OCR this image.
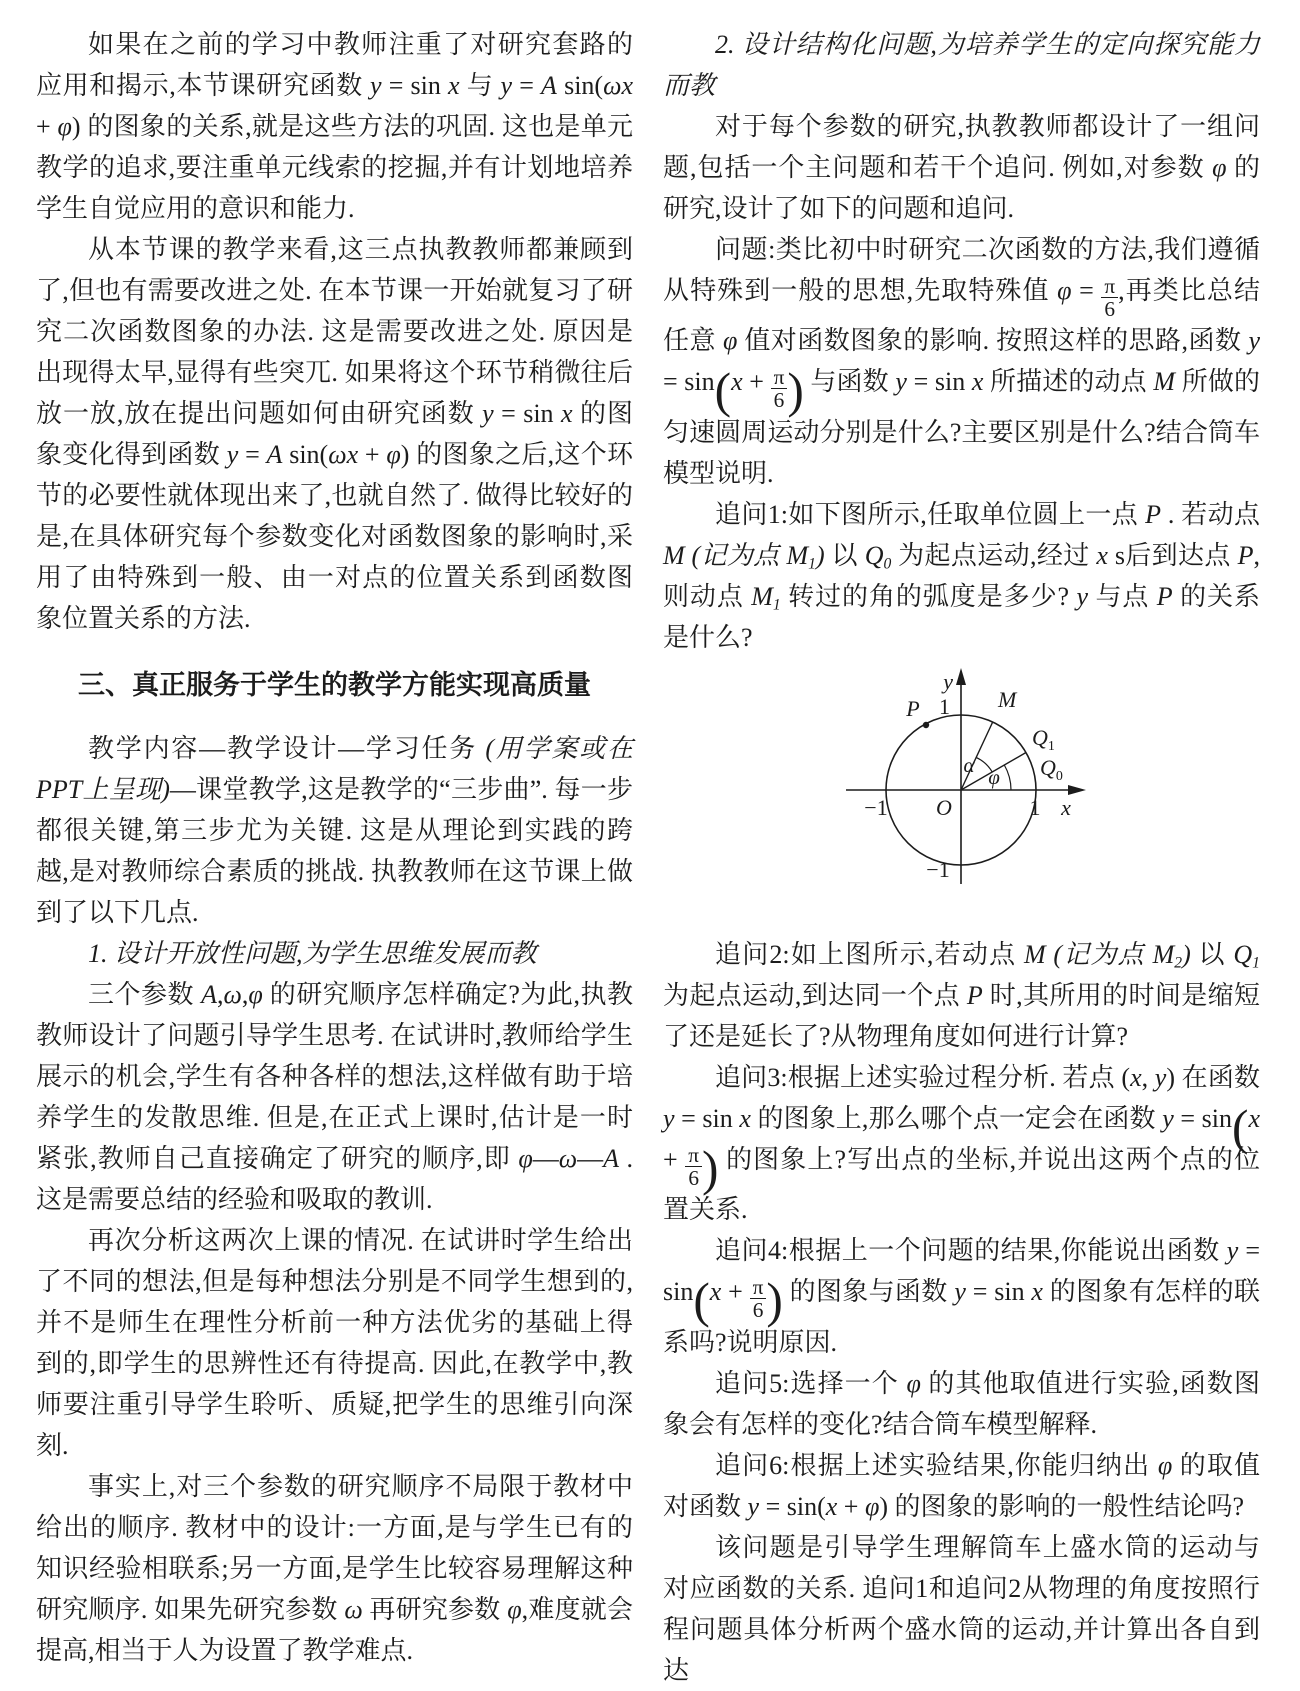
如果在之前的学习中教师注重了对研究套路的应用和揭示,本节课研究函数 y = sin x 与 y = A sin(ωx + φ) 的图象的关系,就是这些方法的巩固. 这也是单元教学的追求,要注重单元线索的挖掘,并有计划地培养学生自觉应用的意识和能力.

从本节课的教学来看,这三点执教教师都兼顾到了,但也有需要改进之处. 在本节课一开始就复习了研究二次函数图象的办法. 这是需要改进之处. 原因是出现得太早,显得有些突兀. 如果将这个环节稍微往后放一放,放在提出问题如何由研究函数 y = sin x 的图象变化得到函数 y = A sin(ωx + φ) 的图象之后,这个环节的必要性就体现出来了,也就自然了. 做得比较好的是,在具体研究每个参数变化对函数图象的影响时,采用了由特殊到一般、由一对点的位置关系到函数图象位置关系的方法.

三、真正服务于学生的教学方能实现高质量

教学内容—教学设计—学习任务 (用学案或在PPT上呈现)—课堂教学,这是教学的“三步曲”. 每一步都很关键,第三步尤为关键. 这是从理论到实践的跨越,是对教师综合素质的挑战. 执教教师在这节课上做到了以下几点.

1. 设计开放性问题,为学生思维发展而教

三个参数 A,ω,φ 的研究顺序怎样确定?为此,执教教师设计了问题引导学生思考. 在试讲时,教师给学生展示的机会,学生有各种各样的想法,这样做有助于培养学生的发散思维. 但是,在正式上课时,估计是一时紧张,教师自己直接确定了研究的顺序,即 φ—ω—A . 这是需要总结的经验和吸取的教训.

再次分析这两次上课的情况. 在试讲时学生给出了不同的想法,但是每种想法分别是不同学生想到的,并不是师生在理性分析前一种方法优劣的基础上得到的,即学生的思辨性还有待提高. 因此,在教学中,教师要注重引导学生聆听、质疑,把学生的思维引向深刻.

事实上,对三个参数的研究顺序不局限于教材中给出的顺序. 教材中的设计:一方面,是与学生已有的知识经验相联系;另一方面,是学生比较容易理解这种研究顺序. 如果先研究参数 ω 再研究参数 φ,难度就会提高,相当于人为设置了教学难点.

2. 设计结构化问题,为培养学生的定向探究能力而教

对于每个参数的研究,执教教师都设计了一组问题,包括一个主问题和若干个追问. 例如,对参数 φ 的研究,设计了如下的问题和追问.

问题:类比初中时研究二次函数的方法,我们遵循从特殊到一般的思想,先取特殊值 $\varphi = \frac{\pi}{6}$ ,再类比总结任意 φ 值对函数图象的影响. 按照这样的思路,函数 $y = \sin(x + \frac{\pi}{6}$ ) 与函数 y = sin x 所描述的动点 M 所做的匀速圆周运动分别是什么?主要区别是什么?结合筒车模型说明.

追问1:如下图所示,任取单位圆上一点 P . 若动点 M (记为点 $M_1$) 以 $Q_0$ 为起点运动,经过 x s后到达点 P,则动点 $M_1$ 转过的角的弧度是多少? y 与点 P 的关系是什么?

y
1
P	M
$Q_1$
$Q_0$
α φ
−1 O	1 x
−1

追问2:如上图所示,若动点 M (记为点 $M_2$) 以 $Q_1$ 为起点运动,到达同一个点 P 时,其所用的时间是缩短了还是延长了?从物理角度如何进行计算?

追问3:根据上述实验过程分析. 若点 (x, y) 在函数 y = sin x 的图象上,那么哪个点一定会在函数 $y = \sin(x + \frac{\pi}{6}$ ) 的图象上?写出点的坐标,并说出这两个点的位置关系.

追问4:根据上一个问题的结果,你能说出函数 $y = \sin(x + \frac{\pi}{6}$ ) 的图象与函数 y = sin x 的图象有怎样的联系吗?说明原因.

追问5:选择一个 φ 的其他取值进行实验,函数图象会有怎样的变化?结合筒车模型解释.

追问6:根据上述实验结果,你能归纳出 φ 的取值对函数 y = sin(x + φ) 的图象的影响的一般性结论吗?

该问题是引导学生理解筒车上盛水筒的运动与对应函数的关系. 追问1和追问2从物理的角度按照行程问题具体分析两个盛水筒的运动,并计算出各自到达
